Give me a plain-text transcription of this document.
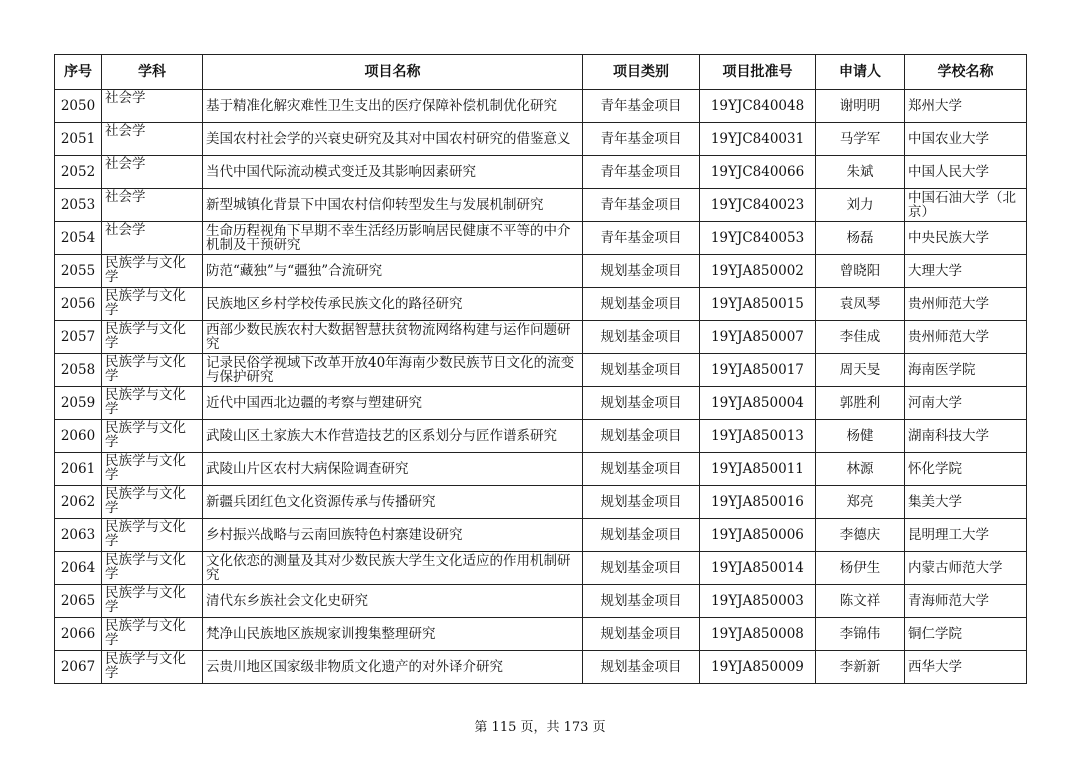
序号	学科	项目名称	项目类别	项目批准号	申请人	学校名称
2050	社会学	基于精准化解灾难性卫生支出的医疗保障补偿机制优化研究	青年基金项目	19YJC840048	谢明明	郑州大学
2051	社会学	美国农村社会学的兴衰史研究及其对中国农村研究的借鉴意义	青年基金项目	19YJC840031	马学军	中国农业大学
2052	社会学	当代中国代际流动模式变迁及其影响因素研究	青年基金项目	19YJC840066	朱斌	中国人民大学
2053	社会学	新型城镇化背景下中国农村信仰转型发生与发展机制研究	青年基金项目	19YJC840023	刘力	中国石油大学（北京）
2054	社会学	生命历程视角下早期不幸生活经历影响居民健康不平等的中介机制及干预研究	青年基金项目	19YJC840053	杨磊	中央民族大学
2055	民族学与文化学	防范“藏独”与“疆独”合流研究	规划基金项目	19YJA850002	曾晓阳	大理大学
2056	民族学与文化学	民族地区乡村学校传承民族文化的路径研究	规划基金项目	19YJA850015	袁凤琴	贵州师范大学
2057	民族学与文化学	西部少数民族农村大数据智慧扶贫物流网络构建与运作问题研究	规划基金项目	19YJA850007	李佳成	贵州师范大学
2058	民族学与文化学	记录民俗学视域下改革开放40年海南少数民族节日文化的流变与保护研究	规划基金项目	19YJA850017	周天旻	海南医学院
2059	民族学与文化学	近代中国西北边疆的考察与塑建研究	规划基金项目	19YJA850004	郭胜利	河南大学
2060	民族学与文化学	武陵山区土家族大木作营造技艺的区系划分与匠作谱系研究	规划基金项目	19YJA850013	杨健	湖南科技大学
2061	民族学与文化学	武陵山片区农村大病保险调查研究	规划基金项目	19YJA850011	林源	怀化学院
2062	民族学与文化学	新疆兵团红色文化资源传承与传播研究	规划基金项目	19YJA850016	郑亮	集美大学
2063	民族学与文化学	乡村振兴战略与云南回族特色村寨建设研究	规划基金项目	19YJA850006	李德庆	昆明理工大学
2064	民族学与文化学	文化依恋的测量及其对少数民族大学生文化适应的作用机制研究	规划基金项目	19YJA850014	杨伊生	内蒙古师范大学
2065	民族学与文化学	清代东乡族社会文化史研究	规划基金项目	19YJA850003	陈文祥	青海师范大学
2066	民族学与文化学	梵净山民族地区族规家训搜集整理研究	规划基金项目	19YJA850008	李锦伟	铜仁学院
2067	民族学与文化学	云贵川地区国家级非物质文化遗产的对外译介研究	规划基金项目	19YJA850009	李新新	西华大学
第 115 页，共 173 页
